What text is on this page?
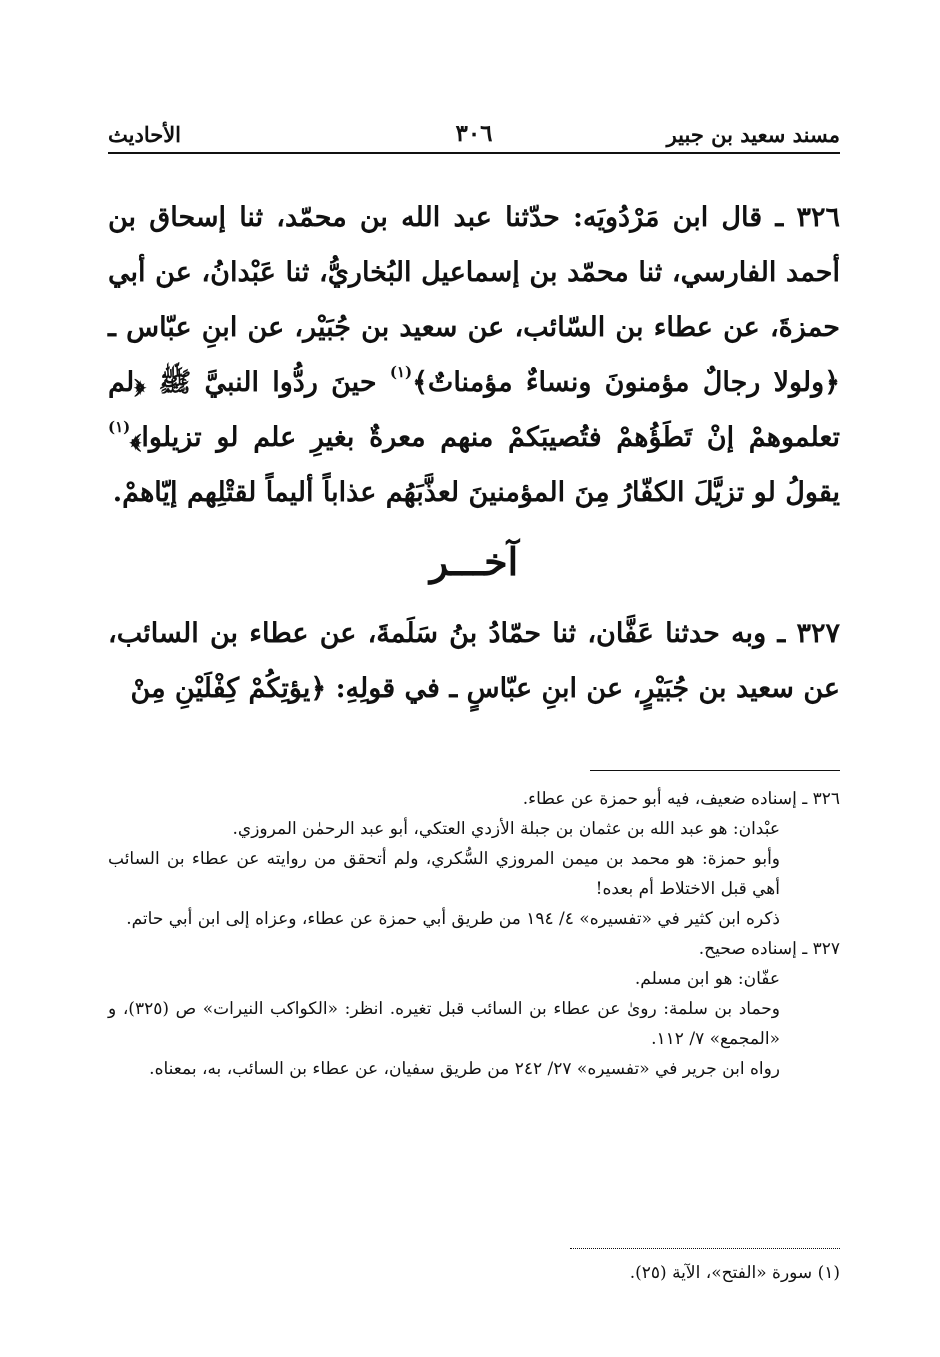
مسند سعيد بن جبير
٣٠٦
الأحاديث

٣٢٦ ـ قال ابن مَرْدُويَه: حدّثنا عبد الله بن محمّد، ثنا إسحاق بن أحمد الفارسي، ثنا محمّد بن إسماعيل البُخاريُّ، ثنا عَبْدانُ، عن أبي حمزةَ، عن عطاء بن السّائب، عن سعيد بن جُبَيْر، عن ابنِ عبّاس ـ ﴿ولولا رجالٌ مؤمنونَ ونساءٌ مؤمناتٌ﴾$^{(١)}$ حينَ ردُّوا النبيَّ ﷺ ﴿لم تعلموهمْ إنْ تَطَؤُهمْ فتُصيبَكمْ منهم معرةٌ بغيرِ علم لو تزيلوا﴾$^{(١)}$ يقولُ لو تزيَّلَ الكفّارُ مِنَ المؤمنينَ لعذَّبَهُم عذاباً أليماً لقتْلِهم إيّاهمْ.

آخـــر

٣٢٧ ـ وبه حدثنا عَفَّان، ثنا حمّادُ بنُ سَلَمةَ، عن عطاء بن السائب، عن سعيد بن جُبَيْرٍ، عن ابنِ عبّاسٍ ـ في قولِهِ: ﴿يؤتِكُمْ كِفْلَيْنِ مِنْ

٣٢٦ ـ إسناده ضعيف، فيه أبو حمزة عن عطاء.
عبْدان: هو عبد الله بن عثمان بن جبلة الأزدي العتكي، أبو عبد الرحمٰن المروزي.
وأبو حمزة: هو محمد بن ميمن المروزي السُّكري، ولم أتحقق من روايته عن عطاء بن السائب أهي قبل الاختلاط أم بعده!
ذكره ابن كثير في «تفسيره» ٤/ ١٩٤ من طريق أبي حمزة عن عطاء، وعزاه إلى ابن أبي حاتم.
٣٢٧ ـ إسناده صحيح.
عفّان: هو ابن مسلم.
وحماد بن سلمة: روىٰ عن عطاء بن السائب قبل تغيره. انظر: «الكواكب النيرات» ص (٣٢٥)، و «المجمع» ٧/ ١١٢.
رواه ابن جرير في «تفسيره» ٢٧/ ٢٤٢ من طريق سفيان، عن عطاء بن السائب، به، بمعناه.
(١) سورة «الفتح»، الآية (٢٥).
